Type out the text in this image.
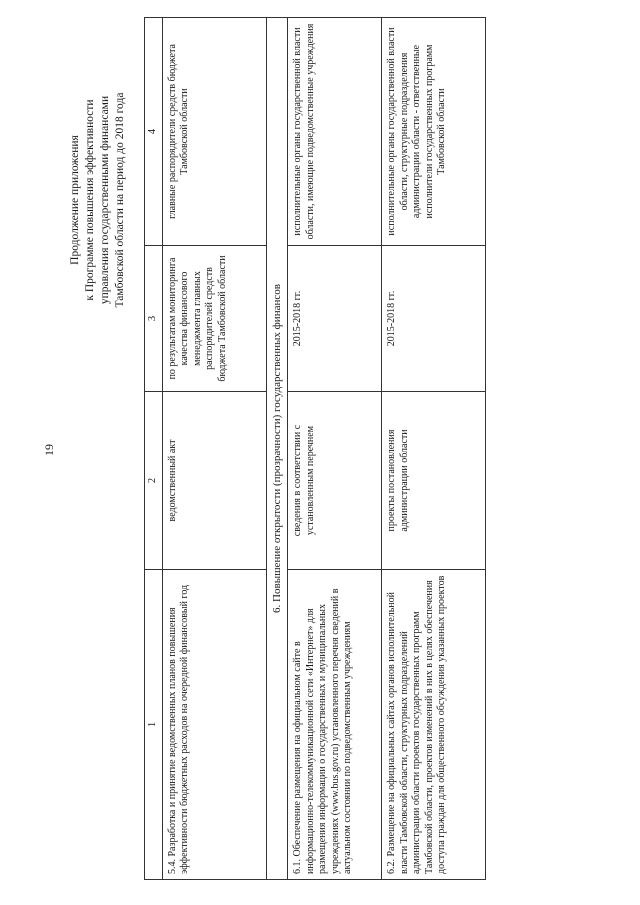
19
Продолжение приложения к Программе повышения эффективности управления государственными финансами Тамбовской области на период до 2018 года
1	2	3	4
5.4. Разработка и принятие ведомственных планов повышения эффективности бюджетных расходов на очередной финансовый год	ведомственный акт	по результатам мониторинга качества финансового менеджмента главных распорядителей средств бюджета Тамбовской области	главные распорядители средств бюджета Тамбовской области
6. Повышение открытости (прозрачности) государственных финансов			
6.1. Обеспечение размещения на официальном сайте в информационно-телекоммуникационной сети «Интернет» для размещения информации о государственных и муниципальных учреждениях (www.bus.gov.ru) установленного перечня сведений в актуальном состоянии по подведомственным учреждениям	сведения в соответствии с установленным перечнем	2015-2018 гг.	исполнительные органы государственной власти области, имеющие подведомственные учреждения
6.2. Размещение на официальных сайтах органов исполнительной власти Тамбовской области, структурных подразделений администрации области проектов государственных программ Тамбовской области, проектов изменений в них в целях обеспечения доступа граждан для общественного обсуждения указанных проектов	проекты постановления администрации области	2015-2018 гг.	исполнительные органы государственной власти области, структурные подразделения администрации области - ответственные исполнители государственных программ Тамбовской области
